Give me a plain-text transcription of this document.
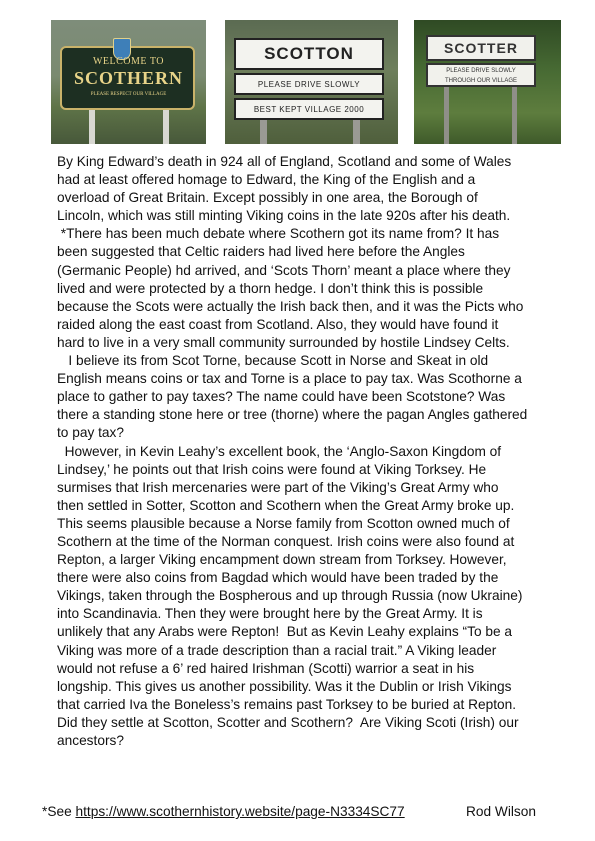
WELCOME TO
SCOTHERN
PLEASE RESPECT OUR VILLAGE
SCOTTON
PLEASE DRIVE SLOWLY
BEST KEPT VILLAGE 2000
SCOTTER
PLEASE DRIVE SLOWLY
THROUGH OUR VILLAGE

By King Edward’s death in 924 all of England, Scotland and some of Wales

had at least offered homage to Edward, the King of the English and a

overload of Great Britain. Except possibly in one area, the Borough of

Lincoln, which was still minting Viking coins in the late 920s after his death.

*There has been much debate where Scothern got its name from? It has

been suggested that Celtic raiders had lived here before the Angles

(Germanic People) hd arrived, and ‘Scots Thorn’ meant a place where they

lived and were protected by a thorn hedge. I don’t think this is possible

because the Scots were actually the Irish back then, and it was the Picts who

raided along the east coast from Scotland. Also, they would have found it

hard to live in a very small community surrounded by hostile Lindsey Celts.

I believe its from Scot Torne, because Scott in Norse and Skeat in old

English means coins or tax and Torne is a place to pay tax. Was Scothorne a

place to gather to pay taxes? The name could have been Scotstone? Was

there a standing stone here or tree (thorne) where the pagan Angles gathered

to pay tax?

However, in Kevin Leahy’s excellent book, the ‘Anglo-Saxon Kingdom of

Lindsey,’ he points out that Irish coins were found at Viking Torksey. He

surmises that Irish mercenaries were part of the Viking’s Great Army who

then settled in Sotter, Scotton and Scothern when the Great Army broke up.

This seems plausible because a Norse family from Scotton owned much of

Scothern at the time of the Norman conquest. Irish coins were also found at

Repton, a larger Viking encampment down stream from Torksey. However,

there were also coins from Bagdad which would have been traded by the

Vikings, taken through the Bospherous and up through Russia (now Ukraine)

into Scandinavia. Then they were brought here by the Great Army. It is

unlikely that any Arabs were Repton!  But as Kevin Leahy explains “To be a

Viking was more of a trade description than a racial trait.” A Viking leader

would not refuse a 6’ red haired Irishman (Scotti) warrior a seat in his

longship. This gives us another possibility. Was it the Dublin or Irish Vikings

that carried Iva the Boneless’s remains past Torksey to be buried at Repton.

Did they settle at Scotton, Scotter and Scothern?  Are Viking Scoti (Irish) our

ancestors?

*See https://www.scothernhistory.website/page-N3334SC77	Rod Wilson
